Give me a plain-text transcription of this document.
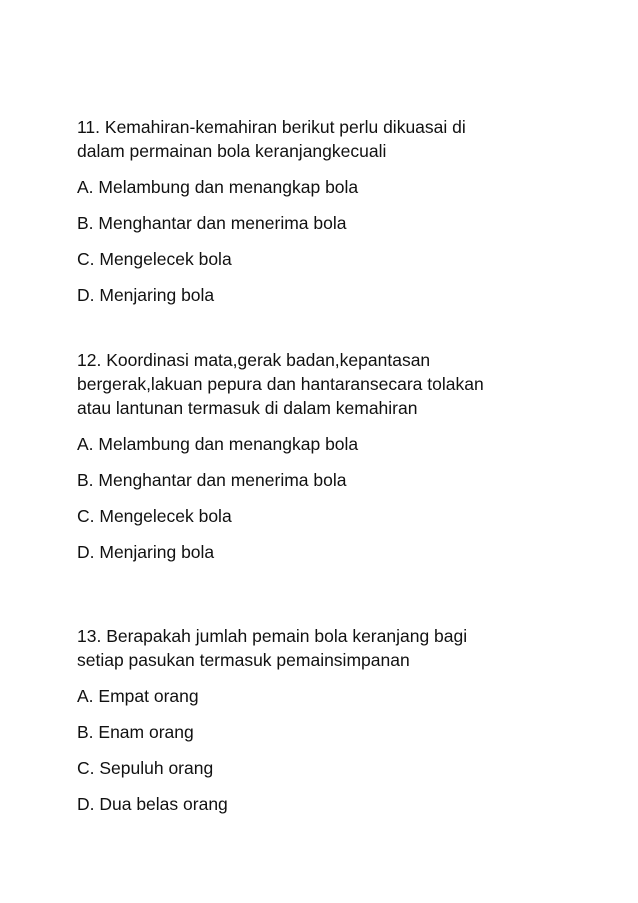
11. Kemahiran-kemahiran berikut perlu dikuasai di
dalam permainan bola keranjangkecuali

A. Melambung dan menangkap bola
B. Menghantar dan menerima bola
C. Mengelecek bola
D. Menjaring bola

12. Koordinasi mata,gerak badan,kepantasan
bergerak,lakuan pepura dan hantaransecara tolakan
atau lantunan termasuk di dalam kemahiran

A. Melambung dan menangkap bola
B. Menghantar dan menerima bola
C. Mengelecek bola
D. Menjaring bola

13. Berapakah jumlah pemain bola keranjang bagi
setiap pasukan termasuk pemainsimpanan

A. Empat orang
B. Enam orang
C. Sepuluh orang
D. Dua belas orang
